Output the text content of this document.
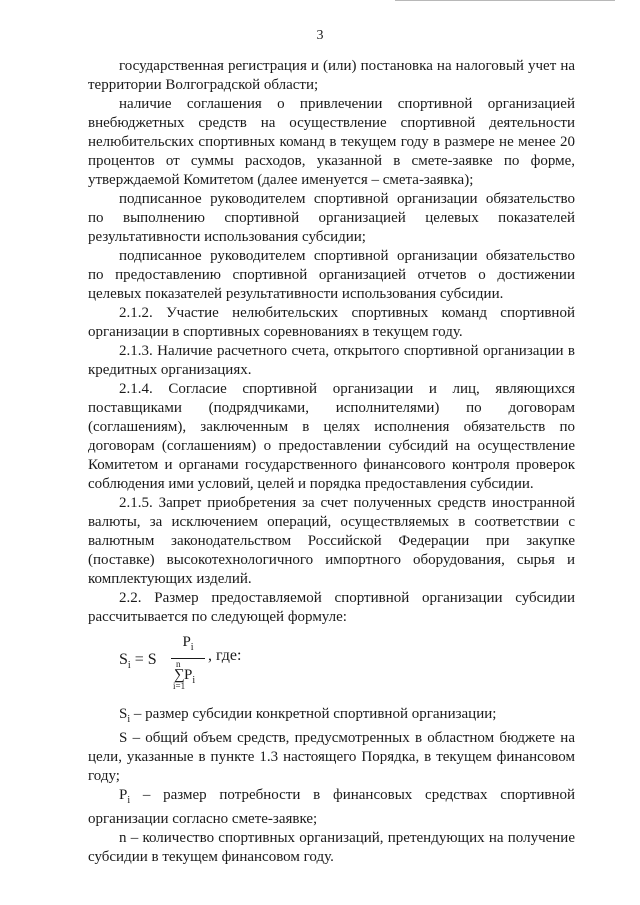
3

государственная регистрация и (или) постановка на налоговый учет на территории Волгоградской области;

наличие соглашения о привлечении спортивной организацией внебюджетных средств на осуществление спортивной деятельности нелюбительских спортивных команд в текущем году в размере не менее 20 процентов от суммы расходов, указанной в смете-заявке по форме, утверждаемой Комитетом (далее именуется – смета-заявка);

подписанное руководителем спортивной организации обязательство по выполнению спортивной организацией целевых показателей результативности использования субсидии;

подписанное руководителем спортивной организации обязательство по предоставлению спортивной организацией отчетов о достижении целевых показателей результативности использования субсидии.

2.1.2. Участие нелюбительских спортивных команд спортивной организации в спортивных соревнованиях в текущем году.

2.1.3. Наличие расчетного счета, открытого спортивной организации в кредитных организациях.

2.1.4. Согласие спортивной организации и лиц, являющихся поставщиками (подрядчиками, исполнителями) по договорам (соглашениям), заключенным в целях исполнения обязательств по договорам (соглашениям) о предоставлении субсидий на осуществление Комитетом и органами государственного финансового контроля проверок соблюдения ими условий, целей и порядка предоставления субсидии.

2.1.5. Запрет приобретения за счет полученных средств иностранной валюты, за исключением операций, осуществляемых в соответствии с валютным законодательством Российской Федерации при закупке (поставке) высокотехнологичного импортного оборудования, сырья и комплектующих изделий.

2.2. Размер предоставляемой спортивной организации субсидии рассчитывается по следующей формуле:

$S_i = S$
$P_i$
n
∑ $P_i$
i=1
, где:

$S_i$ – размер субсидии конкретной спортивной организации;

S – общий объем средств, предусмотренных в областном бюджете на цели, указанные в пункте 1.3 настоящего Порядка, в текущем финансовом году;

$P_i$ – размер потребности в финансовых средствах спортивной организации согласно смете-заявке;

n – количество спортивных организаций, претендующих на получение субсидии в текущем финансовом году.
